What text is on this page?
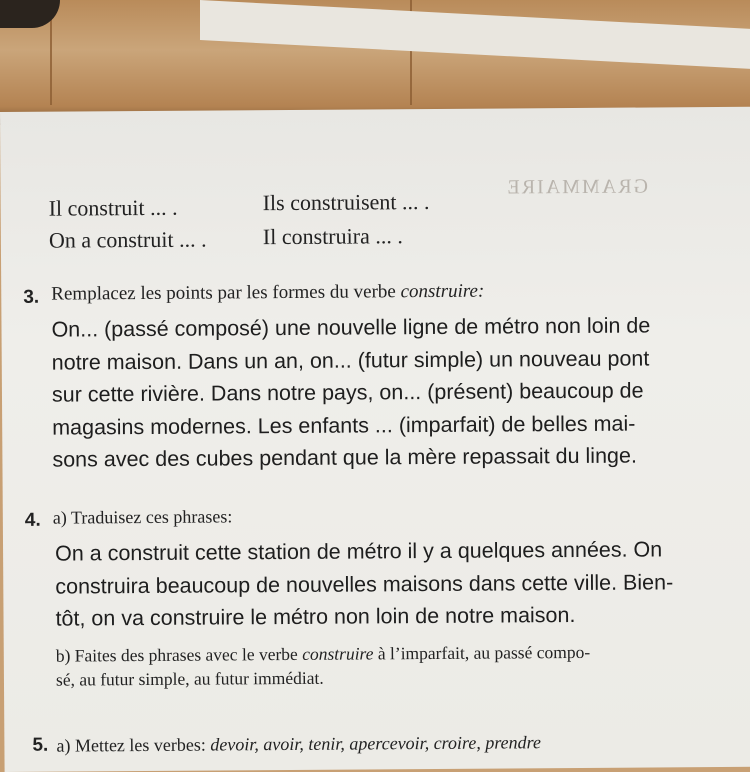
GRAMMAIRE
Il construit ... .	Ils construisent ... .
On a construit ... .	Il construira ... .
3. Remplacez les points par les formes du verbe construire:
On... (passé composé) une nouvelle ligne de métro non loin de
notre maison. Dans un an, on... (futur simple) un nouveau pont
sur cette rivière. Dans notre pays, on... (présent) beaucoup de
magasins modernes. Les enfants ... (imparfait) de belles mai-
sons avec des cubes pendant que la mère repassait du linge.
4. a) Traduisez ces phrases:
On a construit cette station de métro il y a quelques années. On
construira beaucoup de nouvelles maisons dans cette ville. Bien-
tôt, on va construire le métro non loin de notre maison.
b) Faites des phrases avec le verbe construire à l’imparfait, au passé compo-
sé, au futur simple, au futur immédiat.
5. a) Mettez les verbes: devoir, avoir, tenir, apercevoir, croire, prendre
